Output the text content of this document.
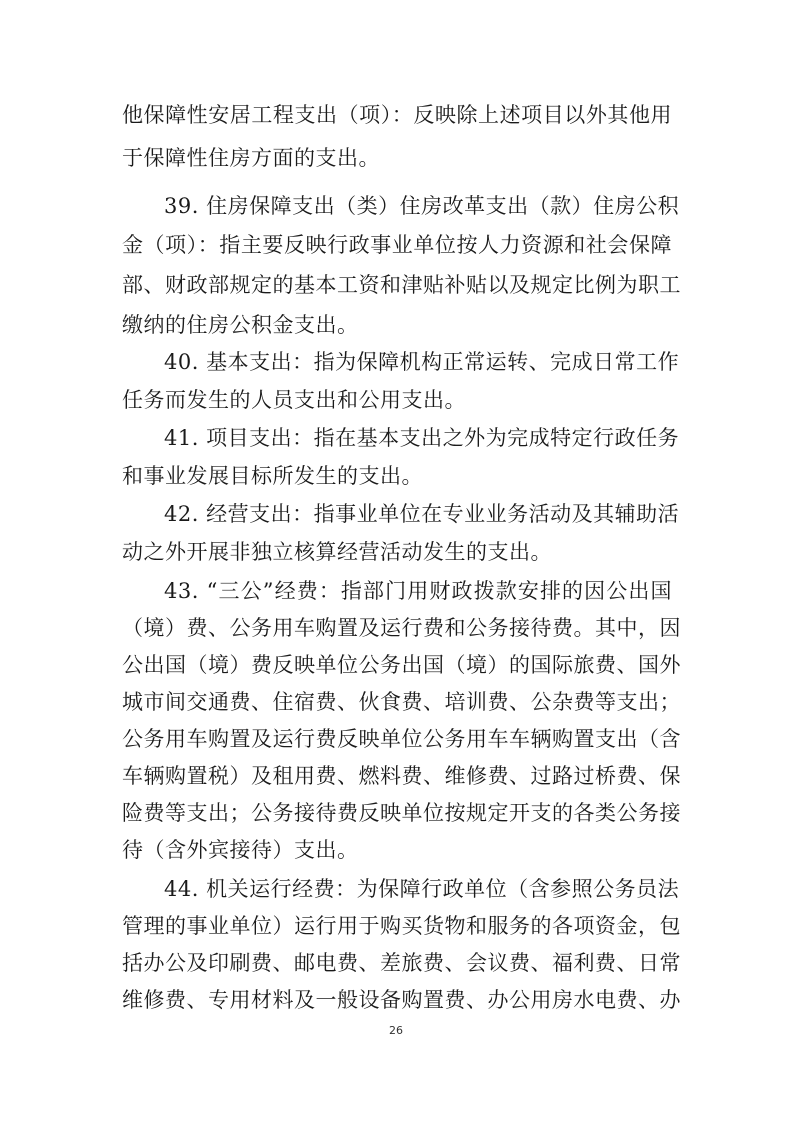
他保障性安居工程支出（项）：反映除上述项目以外其他用
于保障性住房方面的支出。
39. 住房保障支出（类）住房改革支出（款）住房公积
金（项）：指主要反映行政事业单位按人力资源和社会保障
部、财政部规定的基本工资和津贴补贴以及规定比例为职工
缴纳的住房公积金支出。
40. 基本支出：指为保障机构正常运转、完成日常工作
任务而发生的人员支出和公用支出。
41. 项目支出：指在基本支出之外为完成特定行政任务
和事业发展目标所发生的支出。
42. 经营支出：指事业单位在专业业务活动及其辅助活
动之外开展非独立核算经营活动发生的支出。
43. “三公”经费：指部门用财政拨款安排的因公出国
（境）费、公务用车购置及运行费和公务接待费。其中，因
公出国（境）费反映单位公务出国（境）的国际旅费、国外
城市间交通费、住宿费、伙食费、培训费、公杂费等支出；
公务用车购置及运行费反映单位公务用车车辆购置支出（含
车辆购置税）及租用费、燃料费、维修费、过路过桥费、保
险费等支出；公务接待费反映单位按规定开支的各类公务接
待（含外宾接待）支出。
44. 机关运行经费：为保障行政单位（含参照公务员法
管理的事业单位）运行用于购买货物和服务的各项资金，包
括办公及印刷费、邮电费、差旅费、会议费、福利费、日常
维修费、专用材料及一般设备购置费、办公用房水电费、办
26
